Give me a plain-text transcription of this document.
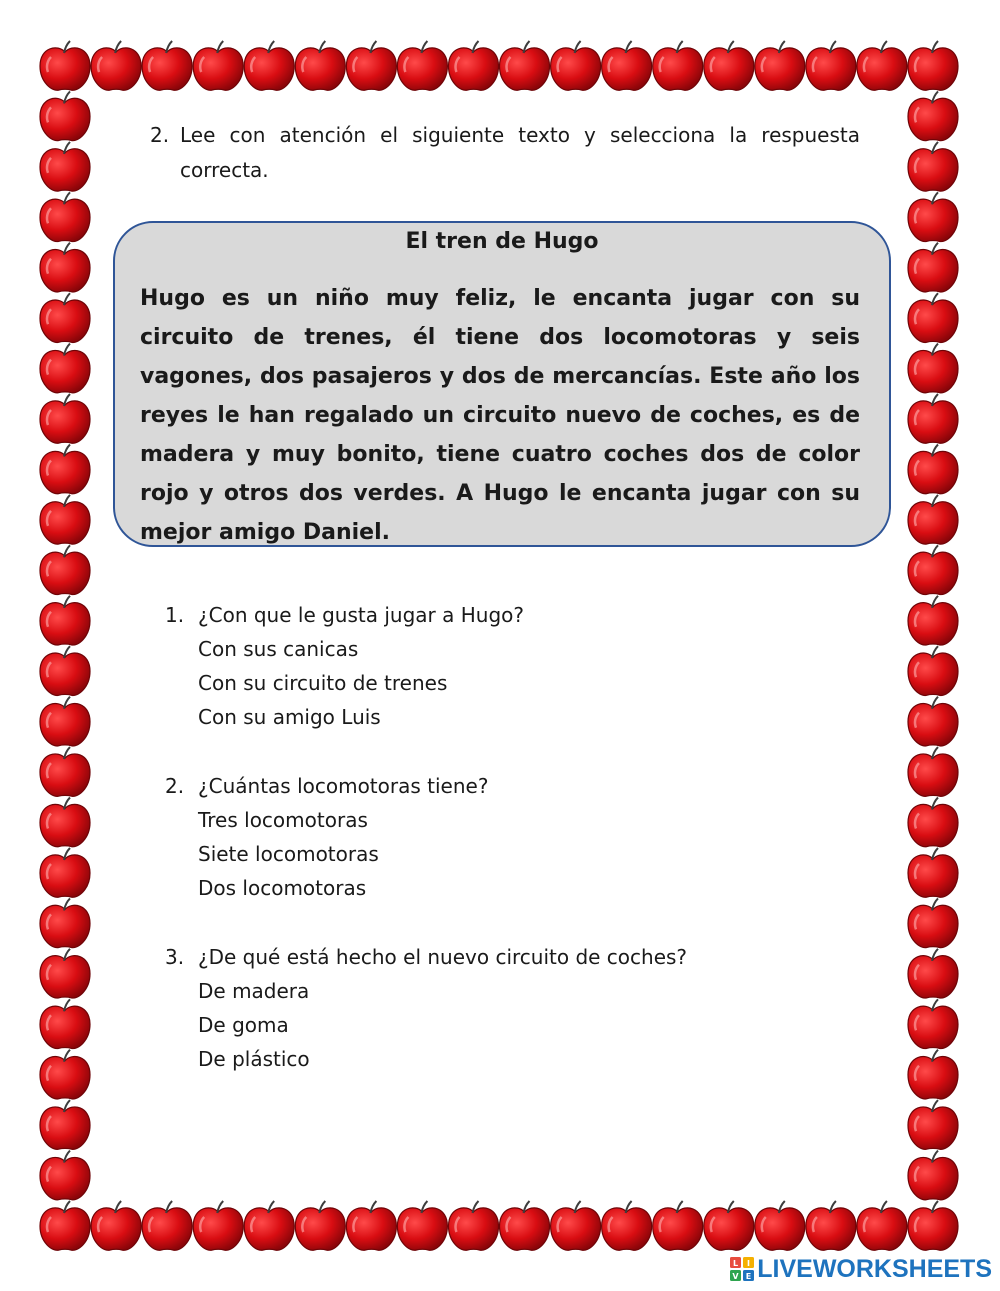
2. Lee con atención el siguiente texto y selecciona la respuesta correcta.

El tren de Hugo

Hugo es un niño muy feliz, le encanta jugar con su circuito de trenes, él tiene dos locomotoras y seis vagones, dos pasajeros y dos de mercancías. Este año los reyes le han regalado un circuito nuevo de coches, es de madera y muy bonito, tiene cuatro coches dos de color rojo y otros dos verdes. A Hugo le encanta jugar con su mejor amigo Daniel.

1. ¿Con que le gusta jugar a Hugo?
Con sus canicas
Con su circuito de trenes
Con su amigo Luis
2. ¿Cuántas locomotoras tiene?
Tres locomotoras
Siete locomotoras
Dos locomotoras
3. ¿De qué está hecho el nuevo circuito de coches?
De madera
De goma
De plástico
L I
V E LIVEWORKSHEETS
